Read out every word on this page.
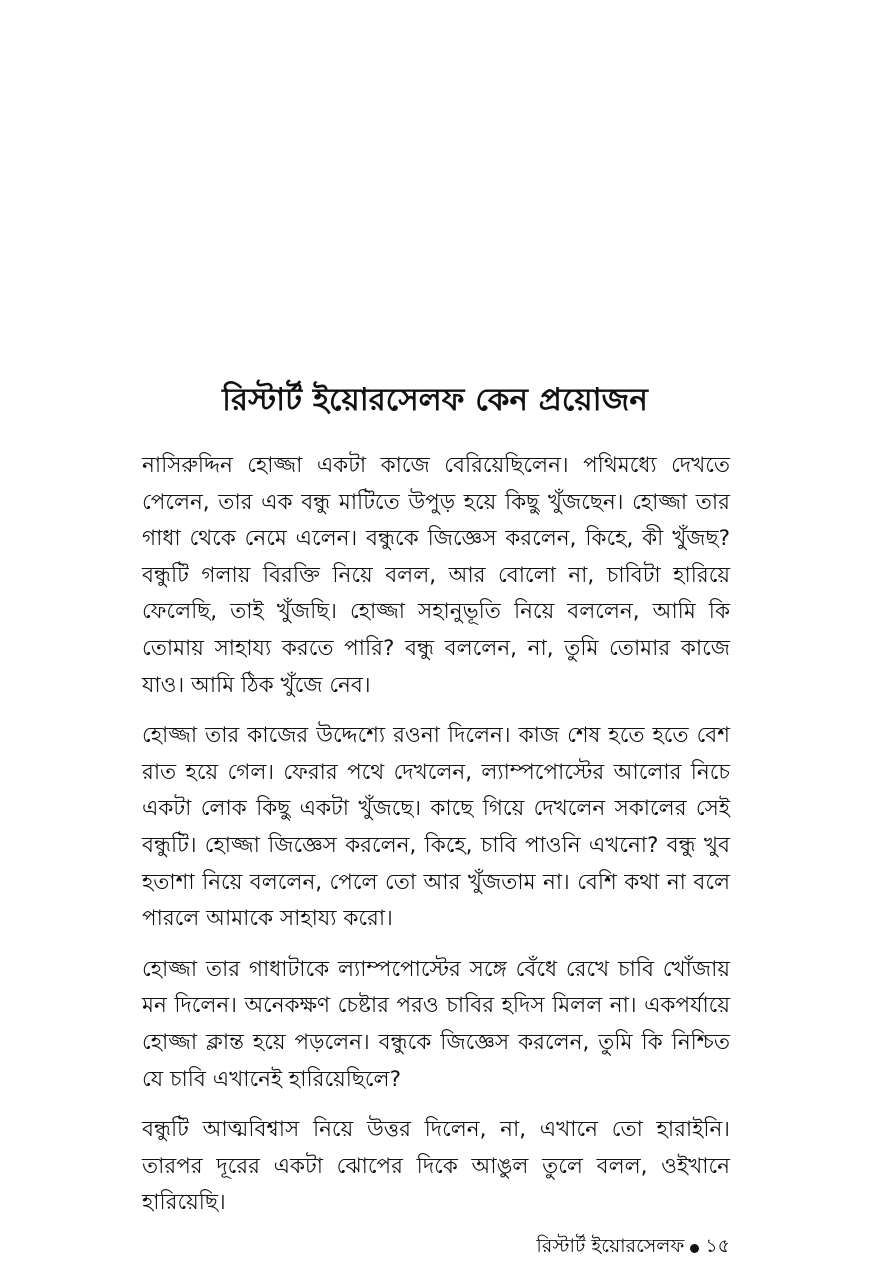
রিস্টার্ট ইয়োরসেলফ কেন প্রয়োজন

নাসিরুদ্দিন হোজ্জা একটা কাজে বেরিয়েছিলেন। পথিমধ্যে দেখতে পেলেন, তার এক বন্ধু মাটিতে উপুড় হয়ে কিছু খুঁজছেন। হোজ্জা তার গাধা থেকে নেমে এলেন। বন্ধুকে জিজ্ঞেস করলেন, কিহে, কী খুঁজছ? বন্ধুটি গলায় বিরক্তি নিয়ে বলল, আর বোলো না, চাবিটা হারিয়ে ফেলেছি, তাই খুঁজছি। হোজ্জা সহানুভূতি নিয়ে বললেন, আমি কি তোমায় সাহায্য করতে পারি? বন্ধু বললেন, না, তুমি তোমার কাজে যাও। আমি ঠিক খুঁজে নেব।

হোজ্জা তার কাজের উদ্দেশ্যে রওনা দিলেন। কাজ শেষ হতে হতে বেশ রাত হয়ে গেল। ফেরার পথে দেখলেন, ল্যাম্পপোস্টের আলোর নিচে একটা লোক কিছু একটা খুঁজছে। কাছে গিয়ে দেখলেন সকালের সেই বন্ধুটি। হোজ্জা জিজ্ঞেস করলেন, কিহে, চাবি পাওনি এখনো? বন্ধু খুব হতাশা নিয়ে বললেন, পেলে তো আর খুঁজতাম না। বেশি কথা না বলে পারলে আমাকে সাহায্য করো।

হোজ্জা তার গাধাটাকে ল্যাম্পপোস্টের সঙ্গে বেঁধে রেখে চাবি খোঁজায় মন দিলেন। অনেকক্ষণ চেষ্টার পরও চাবির হদিস মিলল না। একপর্যায়ে হোজ্জা ক্লান্ত হয়ে পড়লেন। বন্ধুকে জিজ্ঞেস করলেন, তুমি কি নিশ্চিত যে চাবি এখানেই হারিয়েছিলে?

বন্ধুটি আত্মবিশ্বাস নিয়ে উত্তর দিলেন, না, এখানে তো হারাইনি। তারপর দূরের একটা ঝোপের দিকে আঙুল তুলে বলল, ওইখানে হারিয়েছি।

রিস্টার্ট ইয়োরসেলফ ১৫
